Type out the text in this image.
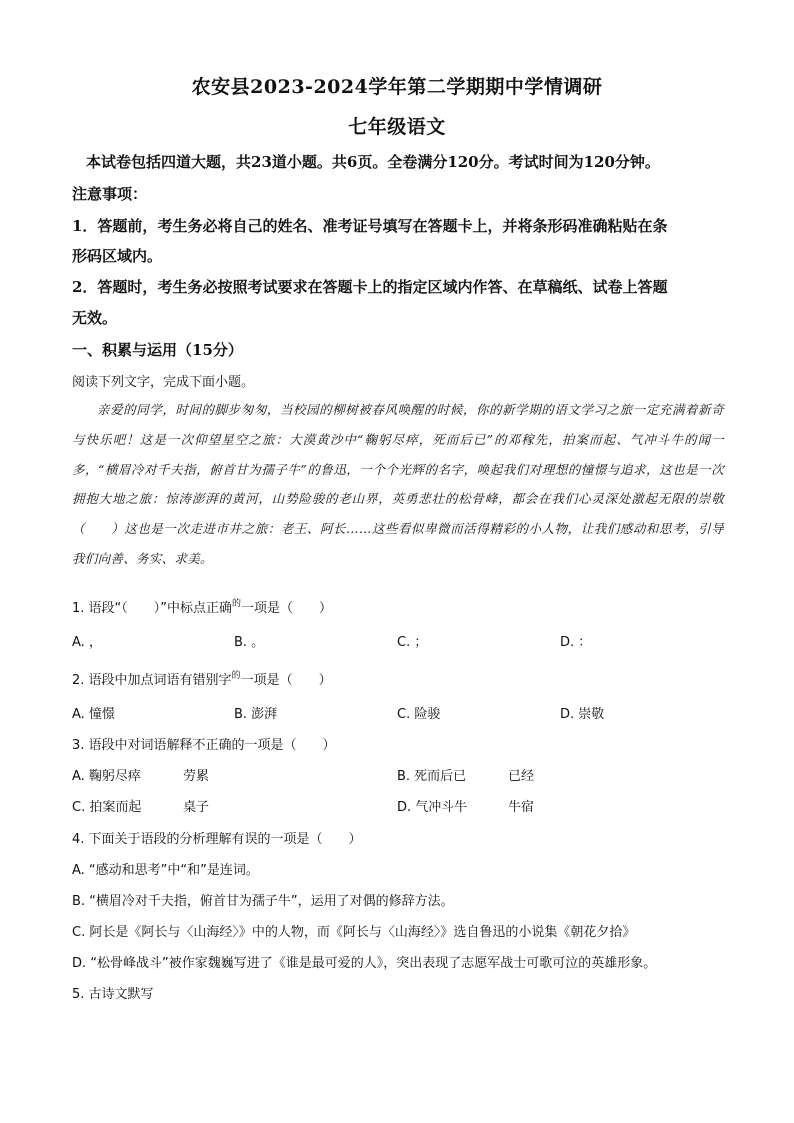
农安县2023-2024学年第二学期期中学情调研
七年级语文
本试卷包括四道大题，共23道小题。共6页。全卷满分120分。考试时间为120分钟。
注意事项：
1．答题前，考生务必将自己的姓名、准考证号填写在答题卡上，并将条形码准确粘贴在条
形码区域内。
2．答题时，考生务必按照考试要求在答题卡上的指定区域内作答、在草稿纸、试卷上答题
无效。
一、积累与运用（15分）
阅读下列文字，完成下面小题。
亲爱的同学，时间的脚步匆匆，当校园的柳树被春风唤醒的时候，你的新学期的语文学习之旅一定充满着新奇与快乐吧！这是一次仰望星空之旅：大漠黄沙中“鞠躬尽瘁，死而后已”的邓稼先，拍案而起、气冲斗牛的闻一多，“横眉冷对千夫指，俯首甘为孺子牛”的鲁迅，一个个光辉的名字，唤起我们对理想的憧憬与追求，这也是一次拥抱大地之旅：惊涛澎湃的黄河，山势险骏的老山界，英勇悲壮的松骨峰，都会在我们心灵深处激起无限的崇敬（　　）这也是一次走进市井之旅：老王、阿长……这些看似卑微而活得精彩的小人物，让我们感动和思考，引导我们向善、务实、求美。
1. 语段“（　　）”中标点正确$^的$一项是（　　）
A. ，	B. 。	C. ；	D. ：
2. 语段中加点词语有错别字$^的$一项是（　　）
A. 憧憬	B. 澎湃	C. 险骏	D. 崇敬
3. 语段中对词语解释不正确的一项是（　　）
A. 鞠躬尽瘁	劳累	B. 死而后已	已经
C. 拍案而起	桌子	D. 气冲斗牛	牛宿
4. 下面关于语段的分析理解有误的一项是（　　）
A. “感动和思考”中“和”是连词。
B. “横眉冷对千夫指，俯首甘为孺子牛”，运用了对偶的修辞方法。
C. 阿长是《阿长与〈山海经〉》中的人物，而《阿长与〈山海经〉》选自鲁迅的小说集《朝花夕拾》
D. “松骨峰战斗”被作家魏巍写进了《谁是最可爱的人》，突出表现了志愿军战士可歌可泣的英雄形象。
5. 古诗文默写
